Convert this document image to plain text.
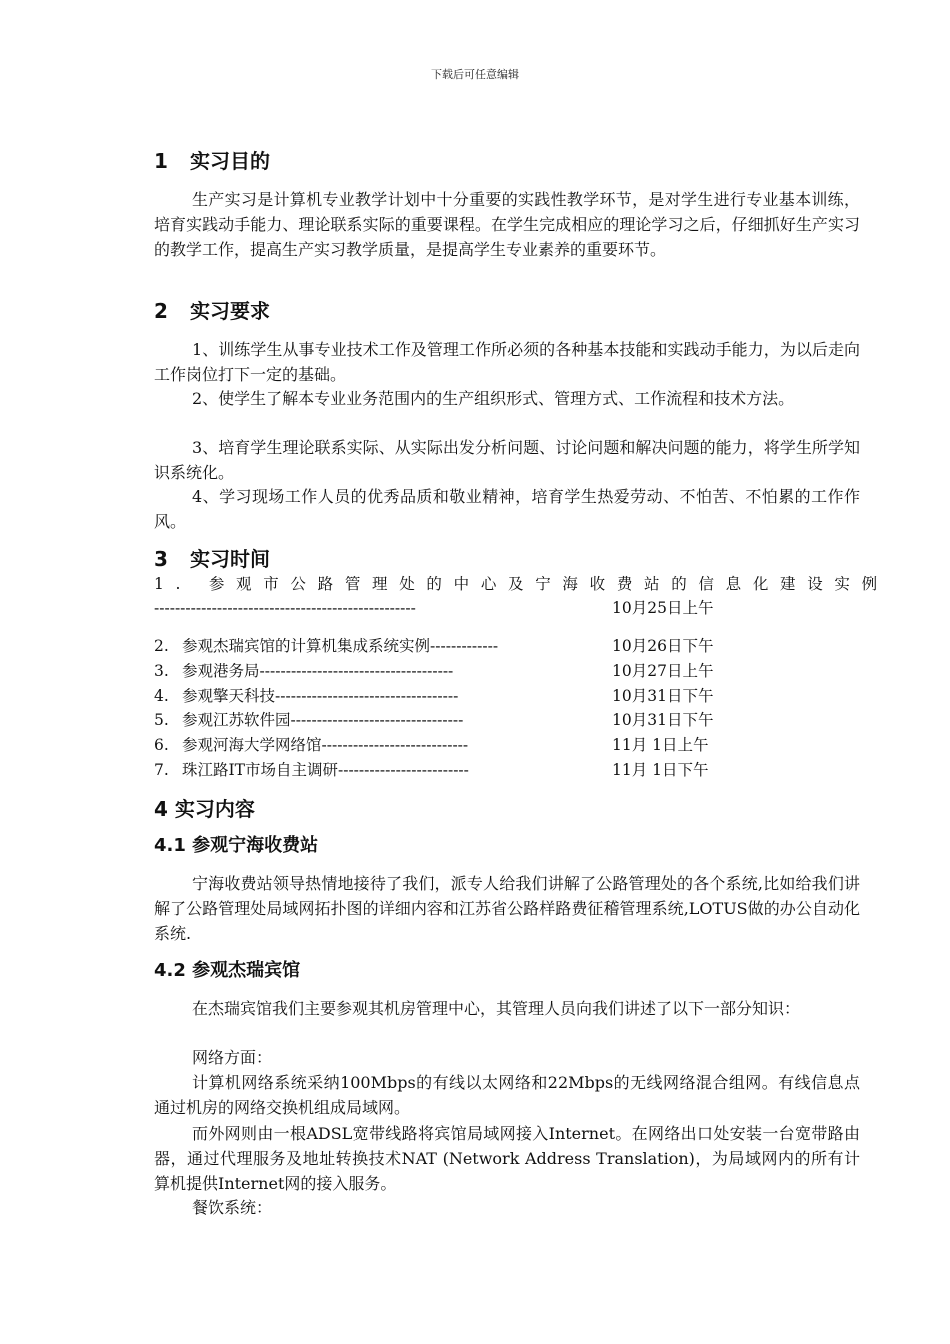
下载后可任意编辑
1 实习目的
生产实习是计算机专业教学计划中十分重要的实践性教学环节，是对学生进行专业基本训练，培育实践动手能力、理论联系实际的重要课程。在学生完成相应的理论学习之后，仔细抓好生产实习的教学工作，提高生产实习教学质量，是提高学生专业素养的重要环节。
2 实习要求
1、训练学生从事专业技术工作及管理工作所必须的各种基本技能和实践动手能力，为以后走向工作岗位打下一定的基础。
2、使学生了解本专业业务范围内的生产组织形式、管理方式、工作流程和技术方法。
3、培育学生理论联系实际、从实际出发分析问题、讨论问题和解决问题的能力，将学生所学知识系统化。
4、学习现场工作人员的优秀品质和敬业精神，培育学生热爱劳动、不怕苦、不怕累的工作作风。
3 实习时间
1. 参观市公路管理处的中心及宁海收费站的信息化建设实例
--------------------------------------------------	10月25日上午
2. 参观杰瑞宾馆的计算机集成系统实例-------------	10月26日下午
3. 参观港务局-------------------------------------	10月27日上午
4. 参观擎天科技-----------------------------------	10月31日下午
5. 参观江苏软件园---------------------------------	10月31日下午
6. 参观河海大学网络馆----------------------------	11月 1日上午
7. 珠江路IT市场自主调研-------------------------	11月 1日下午
4 实习内容
4.1 参观宁海收费站
宁海收费站领导热情地接待了我们，派专人给我们讲解了公路管理处的各个系统,比如给我们讲解了公路管理处局域网拓扑图的详细内容和江苏省公路样路费征稽管理系统,LOTUS做的办公自动化系统.
4.2 参观杰瑞宾馆
在杰瑞宾馆我们主要参观其机房管理中心，其管理人员向我们讲述了以下一部分知识：
网络方面：
计算机网络系统采纳100Mbps的有线以太网络和22Mbps的无线网络混合组网。有线信息点通过机房的网络交换机组成局域网。
而外网则由一根ADSL宽带线路将宾馆局域网接入Internet。在网络出口处安装一台宽带路由器，通过代理服务及地址转换技术NAT (Network Address Translation)，为局域网内的所有计算机提供Internet网的接入服务。
餐饮系统：
